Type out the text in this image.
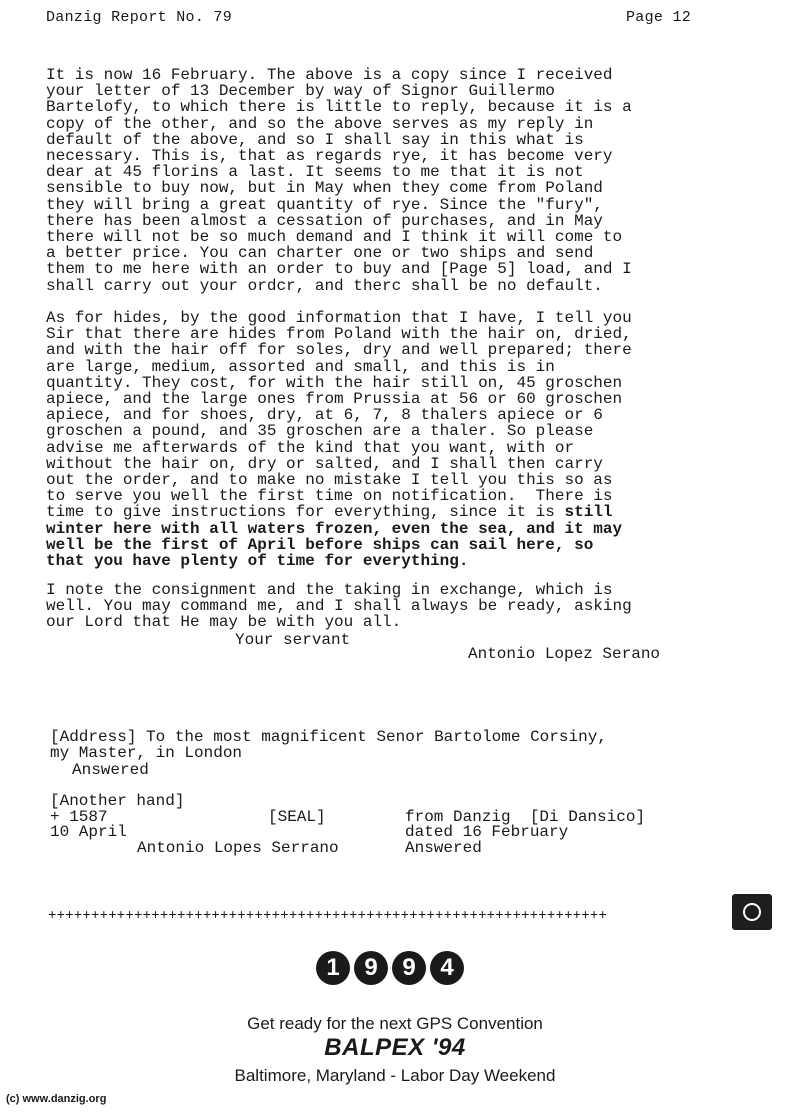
Danzig Report No. 79	Page 12

It is now 16 February. The above is a copy since I received
your letter of 13 December by way of Signor Guillermo
Bartelofy, to which there is little to reply, because it is a
copy of the other, and so the above serves as my reply in
default of the above, and so I shall say in this what is
necessary. This is, that as regards rye, it has become very
dear at 45 florins a last. It seems to me that it is not
sensible to buy now, but in May when they come from Poland
they will bring a great quantity of rye. Since the "fury",
there has been almost a cessation of purchases, and in May
there will not be so much demand and I think it will come to
a better price. You can charter one or two ships and send
them to me here with an order to buy and [Page 5] load, and I
shall carry out your ordcr, and therc shall be no default.

As for hides, by the good information that I have, I tell you
Sir that there are hides from Poland with the hair on, dried,
and with the hair off for soles, dry and well prepared; there
are large, medium, assorted and small, and this is in
quantity. They cost, for with the hair still on, 45 groschen
apiece, and the large ones from Prussia at 56 or 60 groschen
apiece, and for shoes, dry, at 6, 7, 8 thalers apiece or 6
groschen a pound, and 35 groschen are a thaler. So please
advise me afterwards of the kind that you want, with or
without the hair on, dry or salted, and I shall then carry
out the order, and to make no mistake I tell you this so as
to serve you well the first time on notification.  There is
time to give instructions for everything, since it is still
winter here with all waters frozen, even the sea, and it may
well be the first of April before ships can sail here, so
that you have plenty of time for everything.

I note the consignment and the taking in exchange, which is
well. You may command me, and I shall always be ready, asking
our Lord that He may be with you all.

Your servant
Antonio Lopez Serano
[Address] To the most magnificent Senor Bartolome Corsiny,
my Master, in London
Answered
[Another hand]
+ 1587	[SEAL]	from Danzig  [Di Dansico]
10 April	dated 16 February
Antonio Lopes Serrano	Answered
+++++++++++++++++++++++++++++++++++++++++++++++++++++++++++++++++
1	9	9	4
Get ready for the next GPS Convention
BALPEX '94
Baltimore, Maryland - Labor Day Weekend
(c) www.danzig.org
